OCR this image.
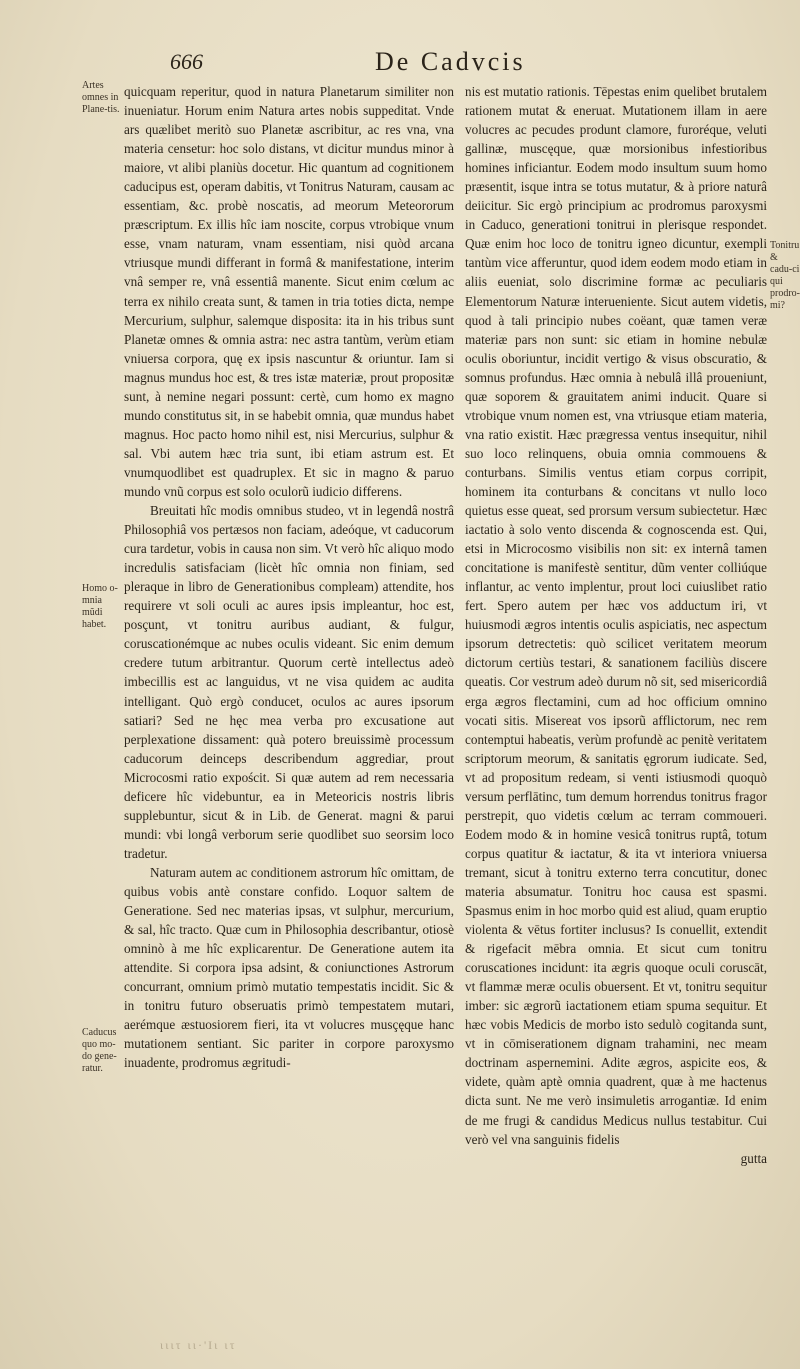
666	De Cadvcis
Artes omnes in Plane-tis.
Homo o-mnia mũdi habet.
Caducus quo mo-do gene-ratur.
Tonitru & cadu-ci qui prodro-mi?

quicquam reperitur, quod in natura Planetarum similiter non inueniatur. Horum enim Natura artes nobis suppeditat. Vnde ars quælibet meritò suo Planetæ ascribitur, ac res vna, vna materia censetur: hoc solo distans, vt dicitur mundus minor à maiore, vt alibi planiùs docetur. Hic quantum ad cognitionem caducipus est, operam dabitis, vt Tonitrus Naturam, causam ac essentiam, &c. probè noscatis, ad meorum Meteororum præscriptum. Ex illis hîc iam noscite, corpus vtrobique vnum esse, vnam naturam, vnam essentiam, nisi quòd arcana vtriusque mundi differant in formâ & manifestatione, interim vnâ semper re, vnâ essentiâ manente. Sicut enim cœlum ac terra ex nihilo creata sunt, & tamen in tria toties dicta, nempe Mercurium, sulphur, salemque disposita: ita in his tribus sunt Planetæ omnes & omnia astra: nec astra tantùm, verùm etiam vniuersa corpora, quę ex ipsis nascuntur & oriuntur. Iam si magnus mundus hoc est, & tres istæ materiæ, prout propositæ sunt, à nemine negari possunt: certè, cum homo ex magno mundo constitutus sit, in se habebit omnia, quæ mundus habet magnus. Hoc pacto homo nihil est, nisi Mercurius, sulphur & sal. Vbi autem hæc tria sunt, ibi etiam astrum est. Et vnumquodlibet est quadruplex. Et sic in magno & paruo mundo vnũ corpus est solo oculorũ iudicio differens.

Breuitati hîc modis omnibus studeo, vt in legendâ nostrâ Philosophiâ vos pertæsos non faciam, adeóque, vt caducorum cura tardetur, vobis in causa non sim. Vt verò hîc aliquo modo incredulis satisfaciam (licèt hîc omnia non finiam, sed pleraque in libro de Generationibus compleam) attendite, hos requirere vt soli oculi ac aures ipsis impleantur, hoc est, posçunt, vt tonitru auribus audiant, & fulgur, coruscationémque ac nubes oculis videant. Sic enim demum credere tutum arbitrantur. Quorum certè intellectus adeò imbecillis est ac languidus, vt ne visa quidem ac audita intelligant. Quò ergò conducet, oculos ac aures ipsorum satiari? Sed ne hęc mea verba pro excusatione aut perplexatione dissament: quà potero breuissimè processum caducorum deinceps describendum aggrediar, prout Microcosmi ratio expościt. Si quæ autem ad rem necessaria deficere hîc videbuntur, ea in Meteoricis nostris libris supplebuntur, sicut & in Lib. de Generat. magni & parui mundi: vbi longâ verborum serie quodlibet suo seorsim loco tradetur.

Naturam autem ac conditionem astrorum hîc omittam, de quibus vobis antè constare confido. Loquor saltem de Generatione. Sed nec materias ipsas, vt sulphur, mercurium, & sal, hîc tracto. Quæ cum in Philosophia describantur, otiosè omninò à me hîc explicarentur. De Generatione autem ita attendite. Si corpora ipsa adsint, & coniunctiones Astrorum concurrant, omnium primò mutatio tempestatis incidit. Sic & in tonitru futuro obseruatis primò tempestatem mutari, aerémque æstuosiorem fieri, ita vt volucres musçęque hanc mutationem sentiant. Sic pariter in corpore paroxysmo inuadente, prodromus ægritudi-

nis est mutatio rationis. Tēpestas enim quelibet brutalem rationem mutat & eneruat. Mutationem illam in aere volucres ac pecudes produnt clamore, furoréque, veluti gallinæ, muscęque, quæ morsionibus infestioribus homines inficiantur. Eodem modo insultum suum homo præsentit, isque intra se totus mutatur, & à priore naturâ deiicitur. Sic ergò principium ac prodromus paroxysmi in Caduco, generationi tonitrui in plerisque respondet. Quæ enim hoc loco de tonitru igneo dicuntur, exempli tantùm vice afferuntur, quod idem eodem modo etiam in aliis eueniat, solo discrimine formæ ac peculiaris Elementorum Naturæ interueniente. Sicut autem videtis, quod à tali principio nubes coëant, quæ tamen veræ materiæ pars non sunt: sic etiam in homine nebulæ oculis oboriuntur, incidit vertigo & visus obscuratio, & somnus profundus. Hæc omnia à nebulâ illâ proueniunt, quæ soporem & grauitatem animi inducit. Quare si vtrobique vnum nomen est, vna vtriusque etiam materia, vna ratio existit. Hæc prægressa ventus insequitur, nihil suo loco relinquens, obuia omnia commouens & conturbans. Similis ventus etiam corpus corripit, hominem ita conturbans & concitans vt nullo loco quietus esse queat, sed prorsum versum subiectetur. Hæc iactatio à solo vento discenda & cognoscenda est. Qui, etsi in Microcosmo visibilis non sit: ex internâ tamen concitatione is manifestè sentitur, dũm venter colliúque inflantur, ac vento implentur, prout loci cuiuslibet ratio fert. Spero autem per hæc vos adductum iri, vt huiusmodi ægros intentis oculis aspiciatis, nec aspectum ipsorum detrectetis: quò scilicet veritatem meorum dictorum certiùs testari, & sanationem faciliùs discere queatis. Cor vestrum adeò durum nõ sit, sed misericordiâ erga ægros flectamini, cum ad hoc officium omnino vocati sitis. Misereat vos ipsorũ afflictorum, nec rem contemptui habeatis, verùm profundè ac penitè veritatem scriptorum meorum, & sanitatis ęgrorum iudicate. Sed, vt ad propositum redeam, si venti istiusmodi quoquò versum perflātinc, tum demum horrendus tonitrus fragor perstrepit, quo videtis cœlum ac terram commoueri. Eodem modo & in homine vesicâ tonitrus ruptâ, totum corpus quatitur & iactatur, & ita vt interiora vniuersa tremant, sicut à tonitru externo terra concutitur, donec materia absumatur. Tonitru hoc causa est spasmi. Spasmus enim in hoc morbo quid est aliud, quam eruptio violenta & vētus fortiter inclusus? Is conuellit, extendit & rigefacit mēbra omnia. Et sicut cum tonitru coruscationes incidunt: ita ægris quoque oculi coruscāt, vt flammæ meræ oculis obuersent. Et vt, tonitru sequitur imber: sic ægrorũ iactationem etiam spuma sequitur. Et hæc vobis Medicis de morbo isto sedulò cogitanda sunt, vt in cōmiserationem dignam trahamini, nec meam doctrinam aspernemini. Adite ægros, aspicite eos, & videte, quàm aptè omnia quadrent, quæ à me hactenus dicta sunt. Ne me verò insimuletis arrogantiæ. Id enim de me frugi & candidus Medicus nullus testabitur. Cui verò vel vna sanguinis fidelis

gutta

ιιιτ ιι·'Ιι ιτ
